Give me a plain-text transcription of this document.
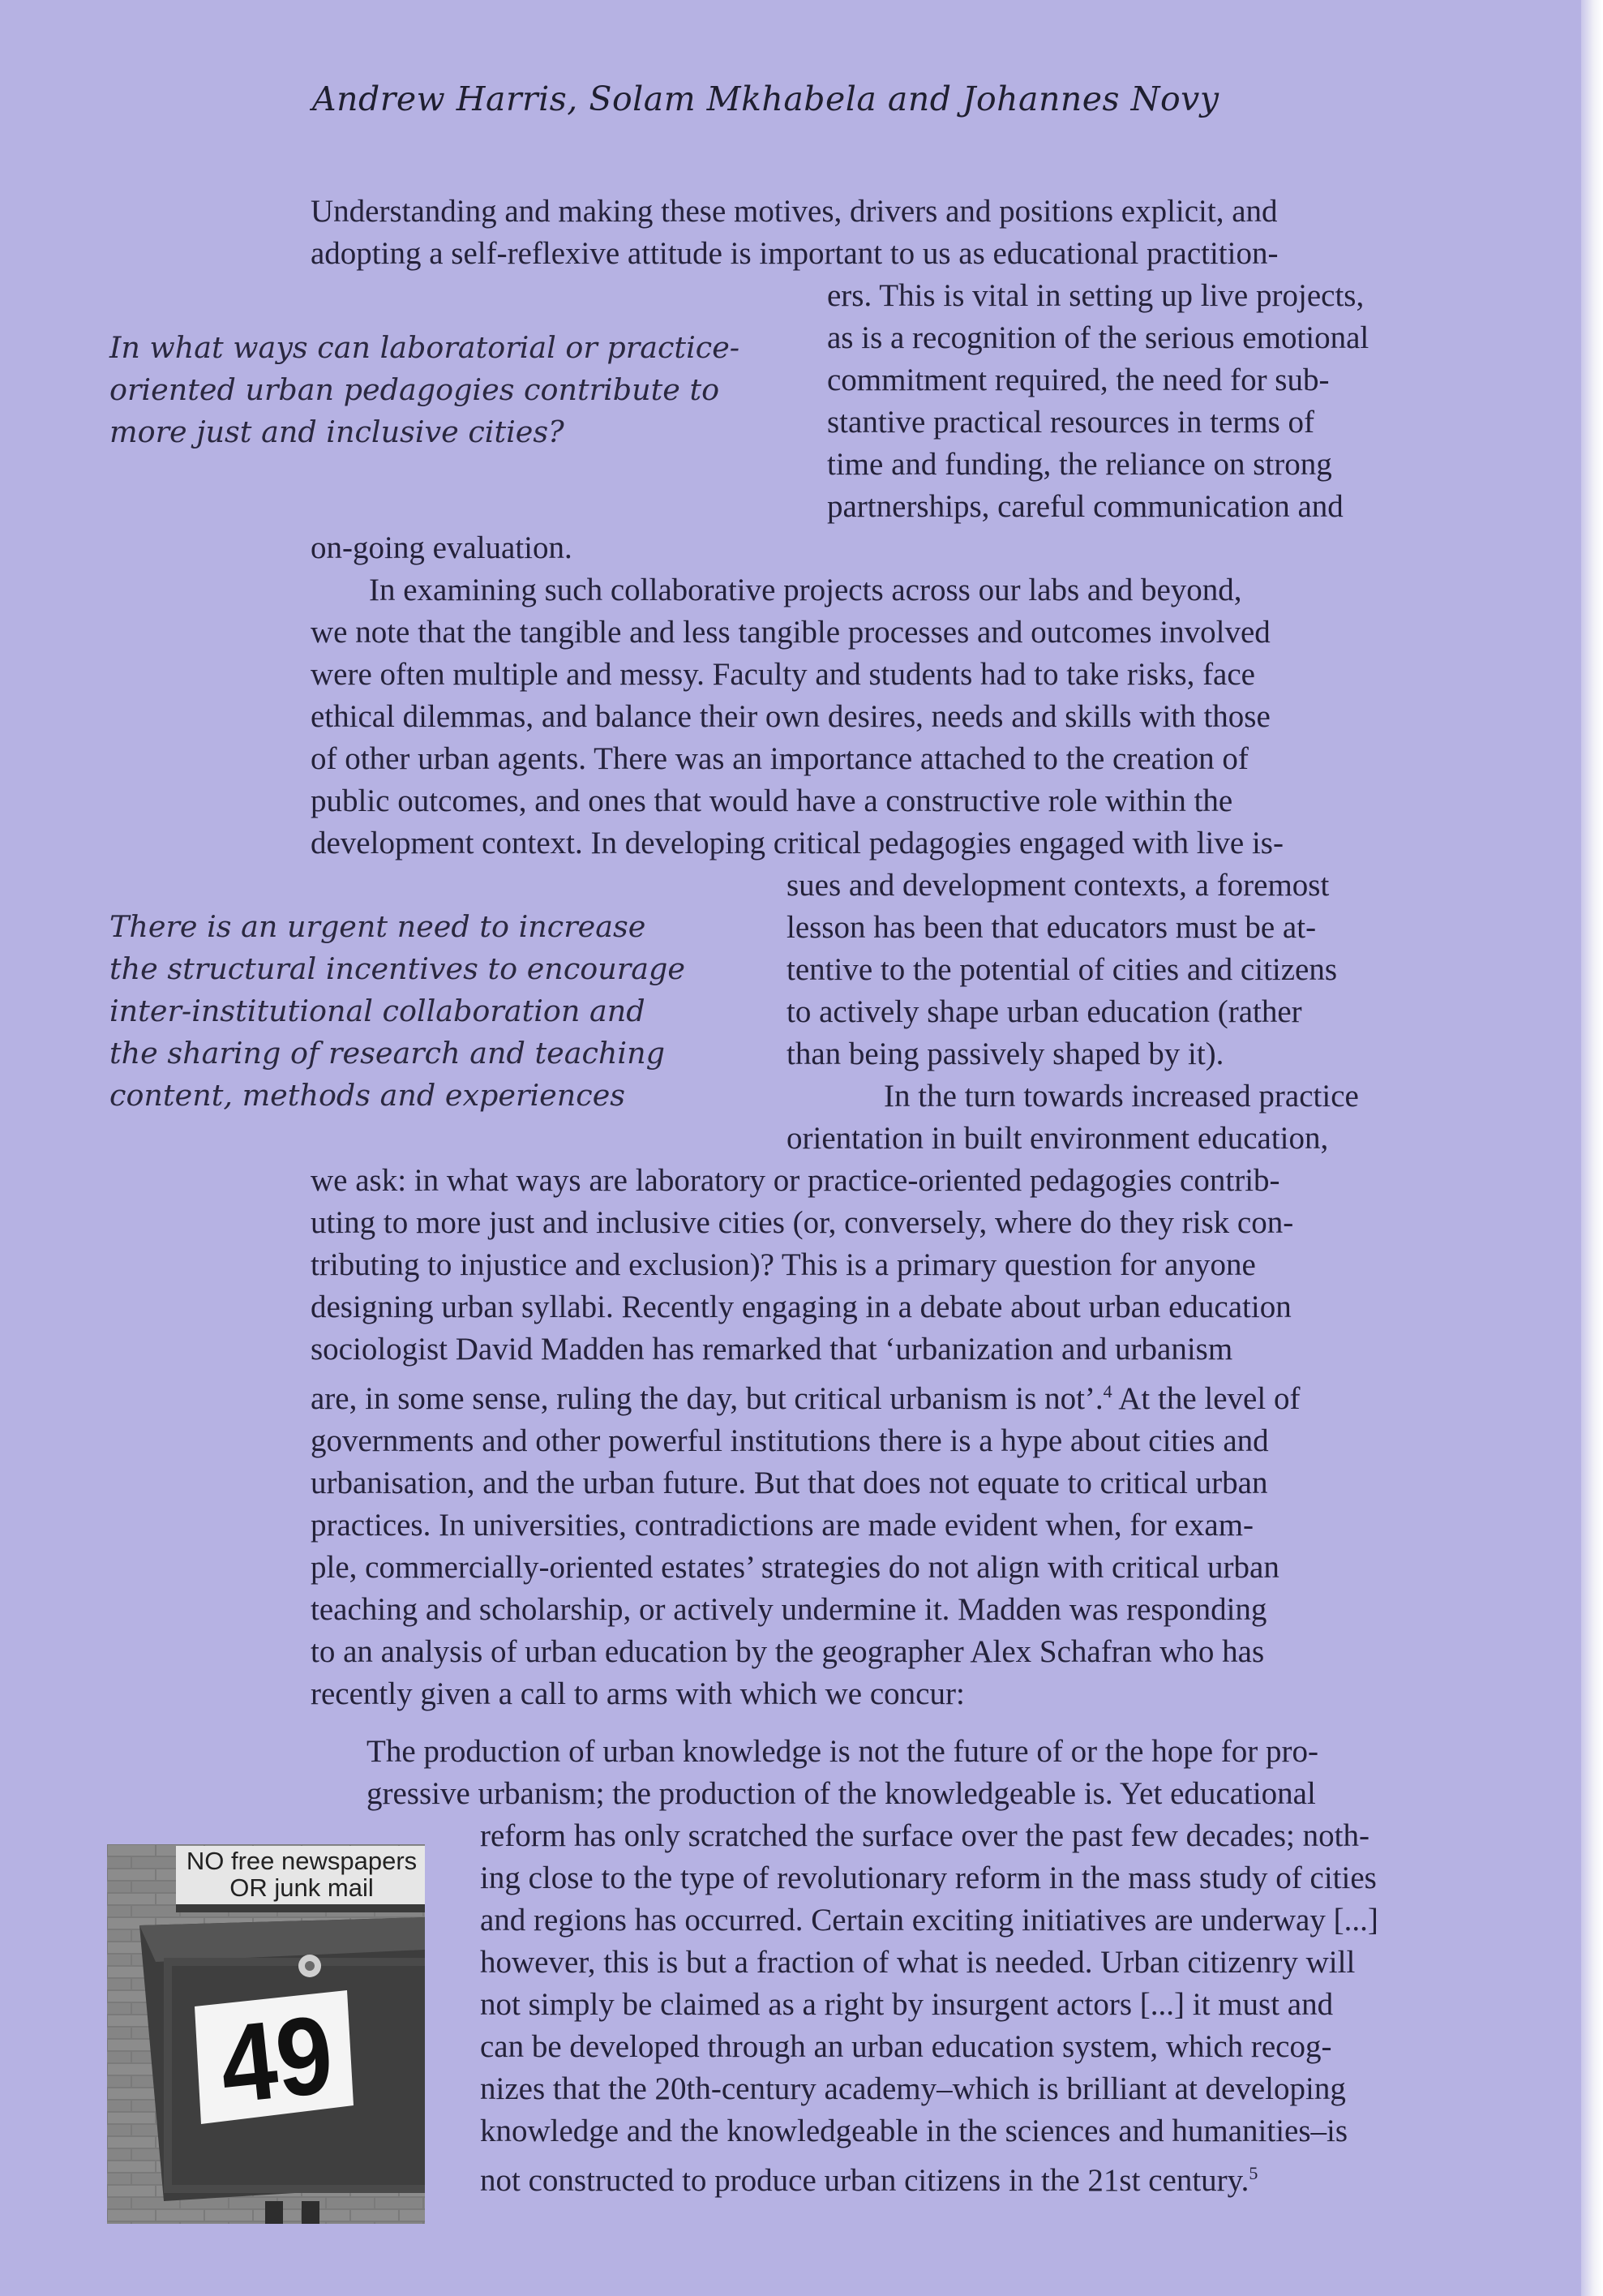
Andrew Harris, Solam Mkhabela and Johannes Novy

Understanding and making these motives, drivers and positions explicit, and

adopting a self-reflexive attitude is important to us as educational practition-

ers. This is vital in setting up live projects,

as is a recognition of the serious emotional

commitment required, the need for sub-

stantive practical resources in terms of

time and funding, the reliance on strong

partnerships, careful communication and

In what ways can laboratorial or practice-
oriented urban pedagogies contribute to
more just and inclusive cities?

on-going evaluation.

In examining such collaborative projects across our labs and beyond,

we note that the tangible and less tangible processes and outcomes involved

were often multiple and messy. Faculty and students had to take risks, face

ethical dilemmas, and balance their own desires, needs and skills with those

of other urban agents. There was an importance attached to the creation of

public outcomes, and ones that would have a constructive role within the

development context. In developing critical pedagogies engaged with live is-

sues and development contexts, a foremost

lesson has been that educators must be at-

tentive to the potential of cities and citizens

to actively shape urban education (rather

than being passively shaped by it).

In the turn towards increased practice

orientation in built environment education,

There is an urgent need to increase
the structural incentives to encourage
inter-institutional collaboration and
the sharing of research and teaching
content, methods and experiences

we ask: in what ways are laboratory or practice-oriented pedagogies contrib-

uting to more just and inclusive cities (or, conversely, where do they risk con-

tributing to injustice and exclusion)? This is a primary question for anyone

designing urban syllabi. Recently engaging in a debate about urban education

sociologist David Madden has remarked that ‘urbanization and urbanism

are, in some sense, ruling the day, but critical urbanism is not’.$^4$ At the level of

governments and other powerful institutions there is a hype about cities and

urbanisation, and the urban future. But that does not equate to critical urban

practices. In universities, contradictions are made evident when, for exam-

ple, commercially-oriented estates’ strategies do not align with critical urban

teaching and scholarship, or actively undermine it. Madden was responding

to an analysis of urban education by the geographer Alex Schafran who has

recently given a call to arms with which we concur:

The production of urban knowledge is not the future of or the hope for pro-

gressive urbanism; the production of the knowledgeable is. Yet educational

reform has only scratched the surface over the past few decades; noth-

ing close to the type of revolutionary reform in the mass study of cities

and regions has occurred. Certain exciting initiatives are underway [...]

however, this is but a fraction of what is needed. Urban citizenry will

not simply be claimed as a right by insurgent actors [...] it must and

can be developed through an urban education system, which recog-

nizes that the 20th-century academy–which is brilliant at developing

knowledge and the knowledgeable in the sciences and humanities–is

not constructed to produce urban citizens in the 21st century.$^5$

NO free newspapers
OR junk mail
49
